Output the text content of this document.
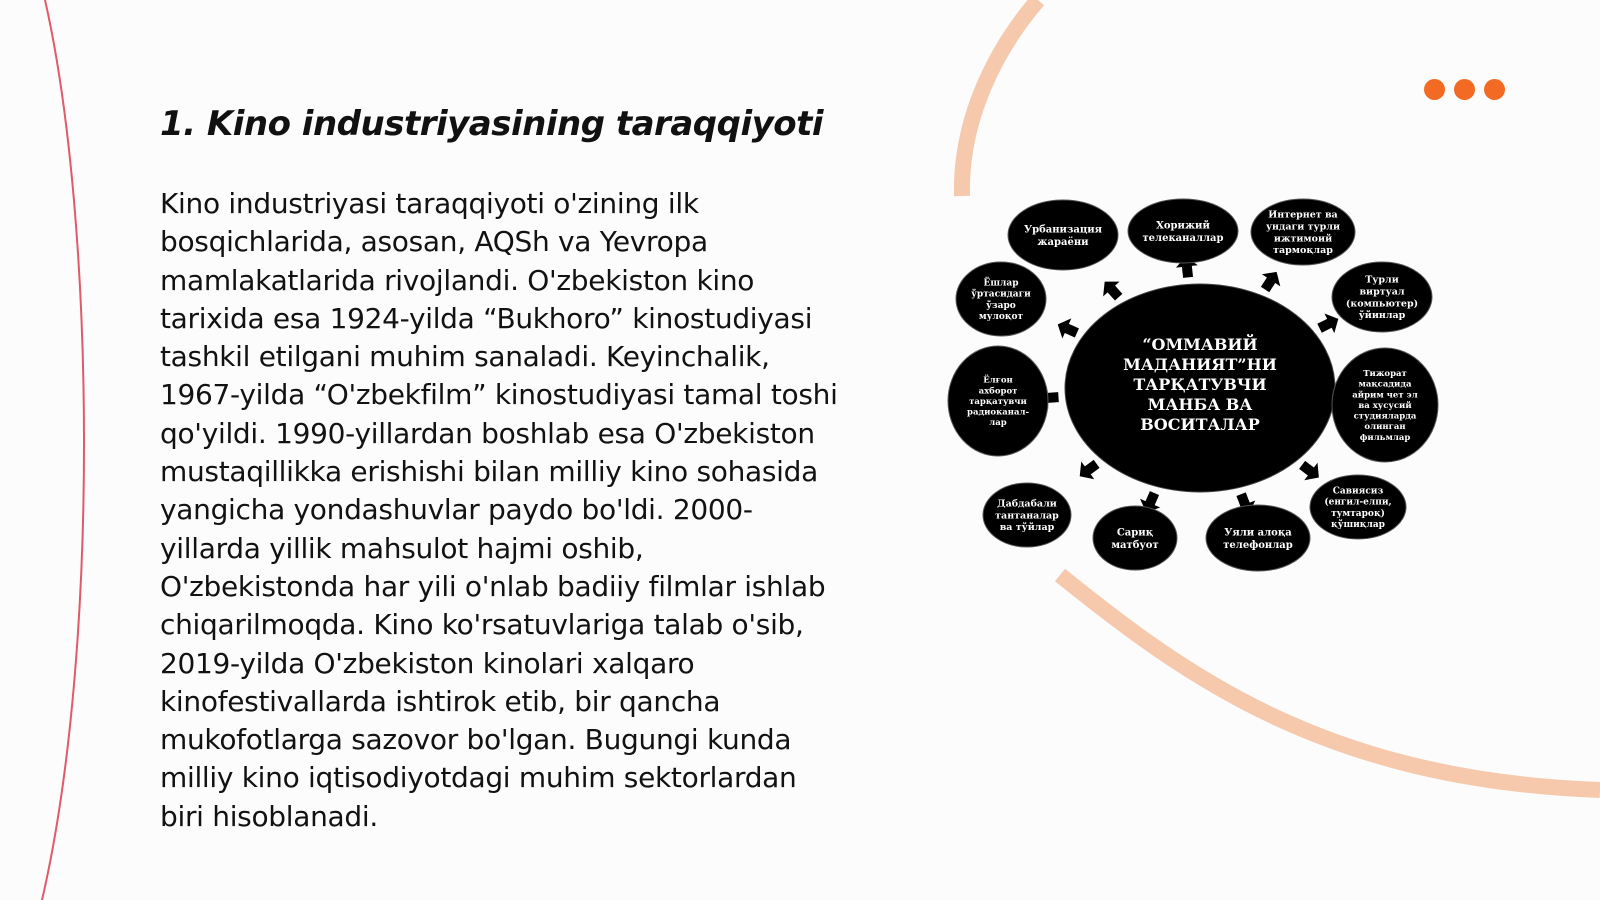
1. Kino industriyasining taraqqiyoti

Kino industriyasi taraqqiyoti o'zining ilk bosqichlarida, asosan, AQSh va Yevropa mamlakatlarida rivojlandi. O'zbekiston kino tarixida esa 1924-yilda “Bukhoro” kinostudiyasi tashkil etilgani muhim sanaladi. Keyinchalik, 1967-yilda “O'zbekfilm” kinostudiyasi tamal toshi qo'yildi. 1990-yillardan boshlab esa O'zbekiston mustaqillikka erishishi bilan milliy kino sohasida yangicha yondashuvlar paydo bo'ldi. 2000-yillarda yillik mahsulot hajmi oshib, O'zbekistonda har yili o'nlab badiiy filmlar ishlab chiqarilmoqda. Kino ko'rsatuvlariga talab o'sib, 2019-yilda O'zbekiston kinolari xalqaro kinofestivallarda ishtirok etib, bir qancha mukofotlarga sazovor bo'lgan. Bugungi kunda milliy kino iqtisodiyotdagi muhim sektorlardan biri hisoblanadi.

“ОММАВИЙ
МАДАНИЯТ”НИ
ТАРҚАТУВЧИ
МАНБА ВА
ВОСИТАЛАР
Урбанизация
жараёни
Хорижий
телеканаллар
Интернет ва
ундаги турли
ижтимоий
тармоқлар
Турли
виртуал
(компьютер)
ўйинлар
Тижорат
мақсадида
айрим чет эл
ва хусусий
студияларда
олинган
фильмлар
Савиясиз
(енгил-елпи,
тумтароқ)
қўшиқлар
Уяли алоқа
телефонлар
Сариқ
матбуот
Дабдабали
тантаналар
ва тўйлар
Ёлғон
ахборот
тарқатувчи
радиоканал-
лар
Ёшлар
ўртасидаги
ўзаро
мулоқот
